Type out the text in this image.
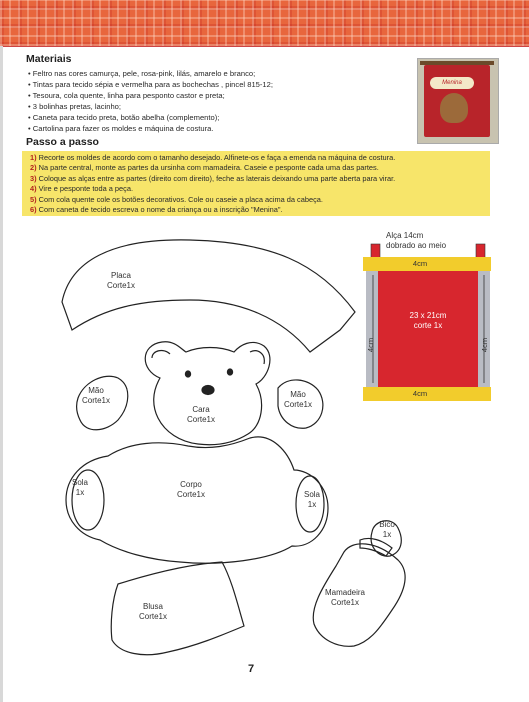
Materiais
• Feltro nas cores camurça, pele, rosa-pink, lilás, amarelo e branco;
• Tintas para tecido sépia e vermelha para as bochechas , pincel 815-12;
• Tesoura, cola quente, linha para pesponto castor e preta;
• 3 bolinhas pretas, lacinho;
• Caneta para tecido preta, botão abelha (complemento);
• Cartolina para fazer os moldes e máquina de costura.
Menina
Passo a passo
1) Recorte os moldes de acordo com o tamanho desejado. Alfinete-os e faça a emenda na máquina de costura.
2) Na parte central, monte as partes da ursinha com mamadeira. Caseie e pesponte cada uma das partes.
3) Coloque as alças entre as partes (direito com direito), feche as laterais deixando uma parte aberta para virar.
4) Vire e pesponte toda a peça.
5) Com cola quente cole os botões decorativos. Cole ou caseie a placa acima da cabeça.
6) Com caneta de tecido escreva o nome da criança ou a inscrição "Menina".
Alça 14cm
dobrado ao meio
4cm
4cm
4cm	4cm
23 x 21cm
corte 1x
Placa
Corte1x
Mão
Corte1x
Cara
Corte1x
Mão
Corte1x
Sola
1x
Corpo
Corte1x	Sola
1x
Bico
1x
Mamadeira
Corte1x
Blusa
Corte1x
7
